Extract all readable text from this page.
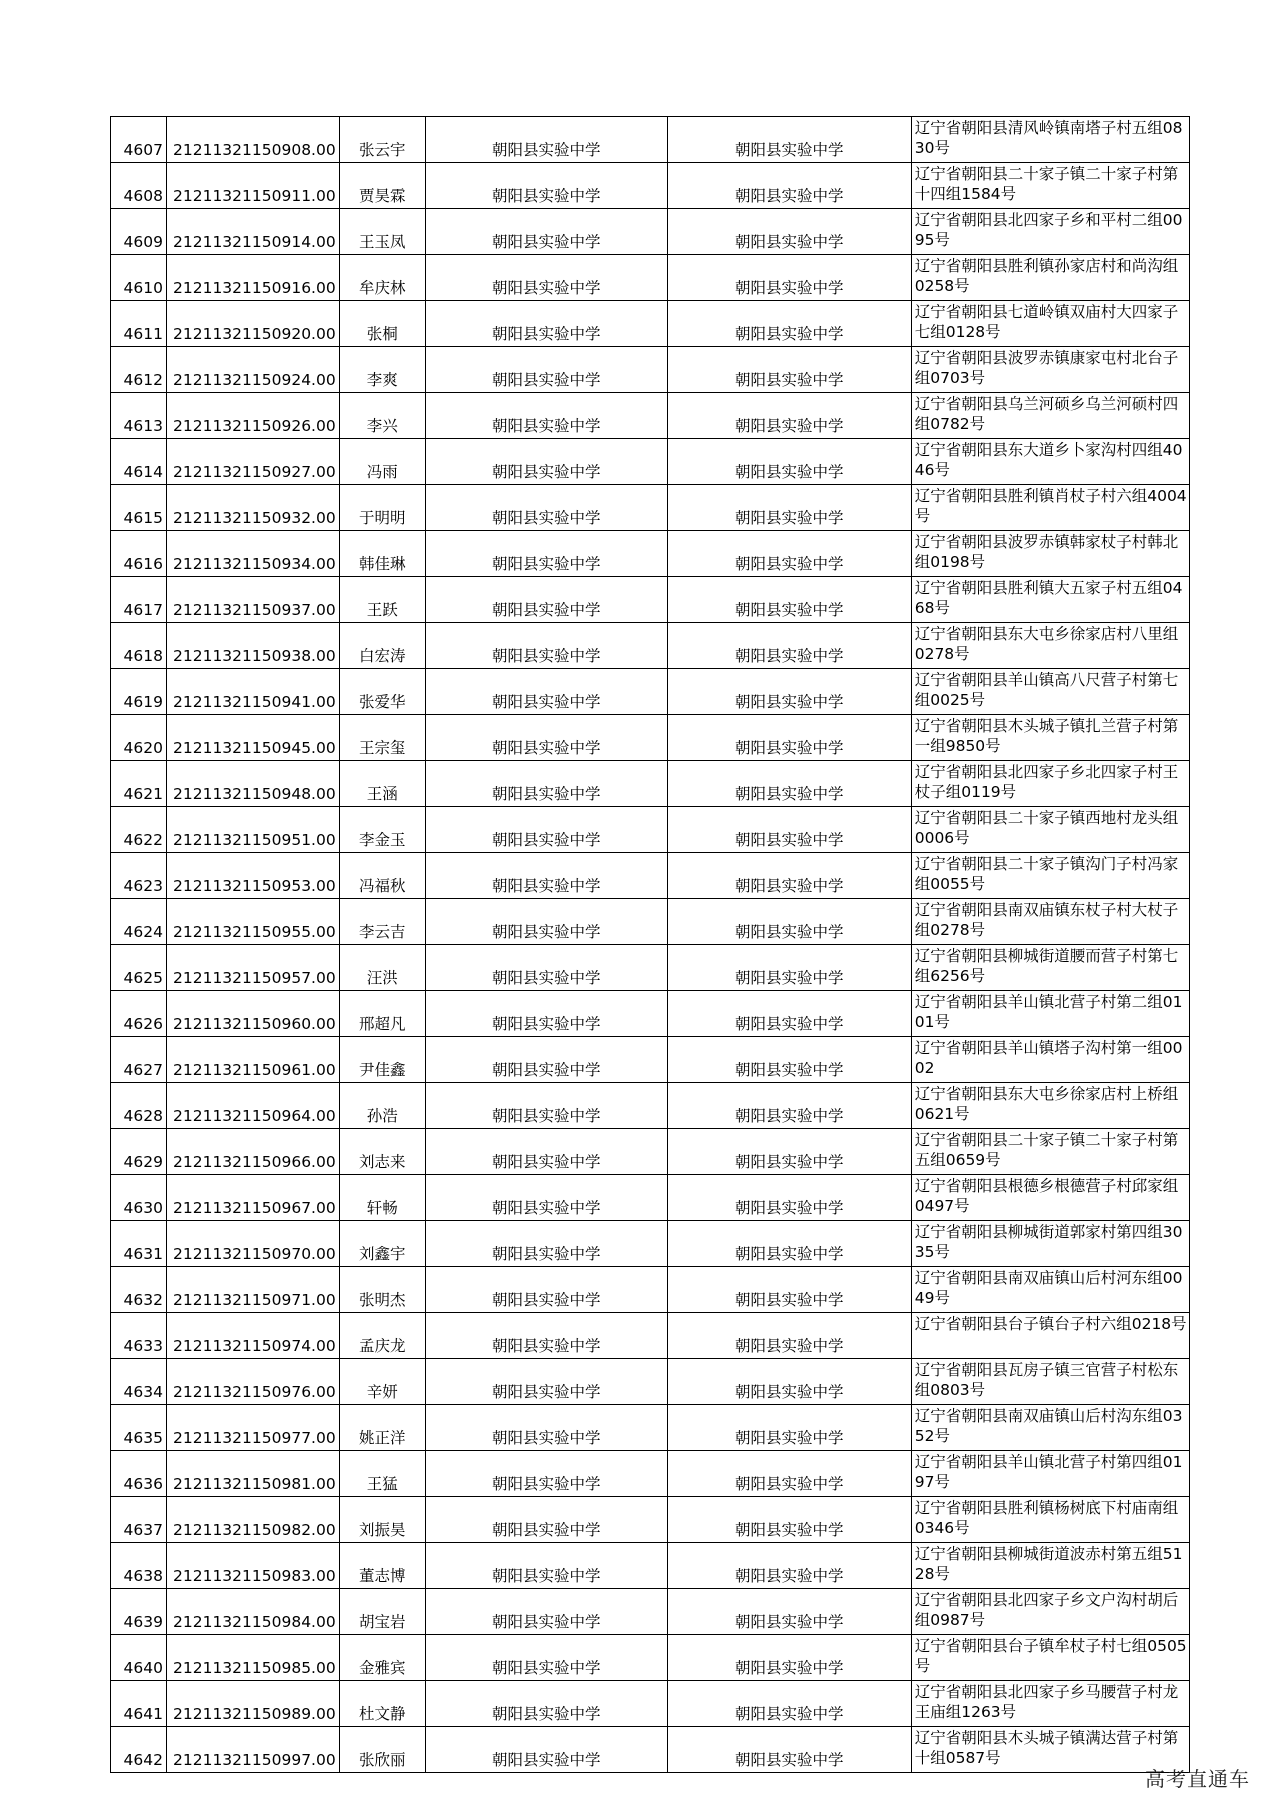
4607	21211321150908.00	张云宇	朝阳县实验中学	朝阳县实验中学	辽宁省朝阳县清风岭镇南塔子村五组0830号
4608	21211321150911.00	贾昊霖	朝阳县实验中学	朝阳县实验中学	辽宁省朝阳县二十家子镇二十家子村第十四组1584号
4609	21211321150914.00	王玉凤	朝阳县实验中学	朝阳县实验中学	辽宁省朝阳县北四家子乡和平村二组0095号
4610	21211321150916.00	牟庆林	朝阳县实验中学	朝阳县实验中学	辽宁省朝阳县胜利镇孙家店村和尚沟组0258号
4611	21211321150920.00	张桐	朝阳县实验中学	朝阳县实验中学	辽宁省朝阳县七道岭镇双庙村大四家子七组0128号
4612	21211321150924.00	李爽	朝阳县实验中学	朝阳县实验中学	辽宁省朝阳县波罗赤镇康家屯村北台子组0703号
4613	21211321150926.00	李兴	朝阳县实验中学	朝阳县实验中学	辽宁省朝阳县乌兰河硕乡乌兰河硕村四组0782号
4614	21211321150927.00	冯雨	朝阳县实验中学	朝阳县实验中学	辽宁省朝阳县东大道乡卜家沟村四组4046号
4615	21211321150932.00	于明明	朝阳县实验中学	朝阳县实验中学	辽宁省朝阳县胜利镇肖杖子村六组4004号
4616	21211321150934.00	韩佳琳	朝阳县实验中学	朝阳县实验中学	辽宁省朝阳县波罗赤镇韩家杖子村韩北组0198号
4617	21211321150937.00	王跃	朝阳县实验中学	朝阳县实验中学	辽宁省朝阳县胜利镇大五家子村五组0468号
4618	21211321150938.00	白宏涛	朝阳县实验中学	朝阳县实验中学	辽宁省朝阳县东大屯乡徐家店村八里组0278号
4619	21211321150941.00	张爱华	朝阳县实验中学	朝阳县实验中学	辽宁省朝阳县羊山镇高八尺营子村第七组0025号
4620	21211321150945.00	王宗玺	朝阳县实验中学	朝阳县实验中学	辽宁省朝阳县木头城子镇扎兰营子村第一组9850号
4621	21211321150948.00	王涵	朝阳县实验中学	朝阳县实验中学	辽宁省朝阳县北四家子乡北四家子村王杖子组0119号
4622	21211321150951.00	李金玉	朝阳县实验中学	朝阳县实验中学	辽宁省朝阳县二十家子镇西地村龙头组0006号
4623	21211321150953.00	冯福秋	朝阳县实验中学	朝阳县实验中学	辽宁省朝阳县二十家子镇沟门子村冯家组0055号
4624	21211321150955.00	李云吉	朝阳县实验中学	朝阳县实验中学	辽宁省朝阳县南双庙镇东杖子村大杖子组0278号
4625	21211321150957.00	汪洪	朝阳县实验中学	朝阳县实验中学	辽宁省朝阳县柳城街道腰而营子村第七组6256号
4626	21211321150960.00	邢超凡	朝阳县实验中学	朝阳县实验中学	辽宁省朝阳县羊山镇北营子村第二组0101号
4627	21211321150961.00	尹佳鑫	朝阳县实验中学	朝阳县实验中学	辽宁省朝阳县羊山镇塔子沟村第一组0002
4628	21211321150964.00	孙浩	朝阳县实验中学	朝阳县实验中学	辽宁省朝阳县东大屯乡徐家店村上桥组0621号
4629	21211321150966.00	刘志来	朝阳县实验中学	朝阳县实验中学	辽宁省朝阳县二十家子镇二十家子村第五组0659号
4630	21211321150967.00	轩畅	朝阳县实验中学	朝阳县实验中学	辽宁省朝阳县根德乡根德营子村邱家组0497号
4631	21211321150970.00	刘鑫宇	朝阳县实验中学	朝阳县实验中学	辽宁省朝阳县柳城街道郭家村第四组3035号
4632	21211321150971.00	张明杰	朝阳县实验中学	朝阳县实验中学	辽宁省朝阳县南双庙镇山后村河东组0049号
4633	21211321150974.00	孟庆龙	朝阳县实验中学	朝阳县实验中学	辽宁省朝阳县台子镇台子村六组0218号
4634	21211321150976.00	辛妍	朝阳县实验中学	朝阳县实验中学	辽宁省朝阳县瓦房子镇三官营子村松东组0803号
4635	21211321150977.00	姚正洋	朝阳县实验中学	朝阳县实验中学	辽宁省朝阳县南双庙镇山后村沟东组0352号
4636	21211321150981.00	王猛	朝阳县实验中学	朝阳县实验中学	辽宁省朝阳县羊山镇北营子村第四组0197号
4637	21211321150982.00	刘振昊	朝阳县实验中学	朝阳县实验中学	辽宁省朝阳县胜利镇杨树底下村庙南组0346号
4638	21211321150983.00	董志博	朝阳县实验中学	朝阳县实验中学	辽宁省朝阳县柳城街道波赤村第五组5128号
4639	21211321150984.00	胡宝岩	朝阳县实验中学	朝阳县实验中学	辽宁省朝阳县北四家子乡文户沟村胡后组0987号
4640	21211321150985.00	金雅宾	朝阳县实验中学	朝阳县实验中学	辽宁省朝阳县台子镇牟杖子村七组0505号
4641	21211321150989.00	杜文静	朝阳县实验中学	朝阳县实验中学	辽宁省朝阳县北四家子乡马腰营子村龙王庙组1263号
4642	21211321150997.00	张欣丽	朝阳县实验中学	朝阳县实验中学	辽宁省朝阳县木头城子镇满达营子村第十组0587号
高考直通车
